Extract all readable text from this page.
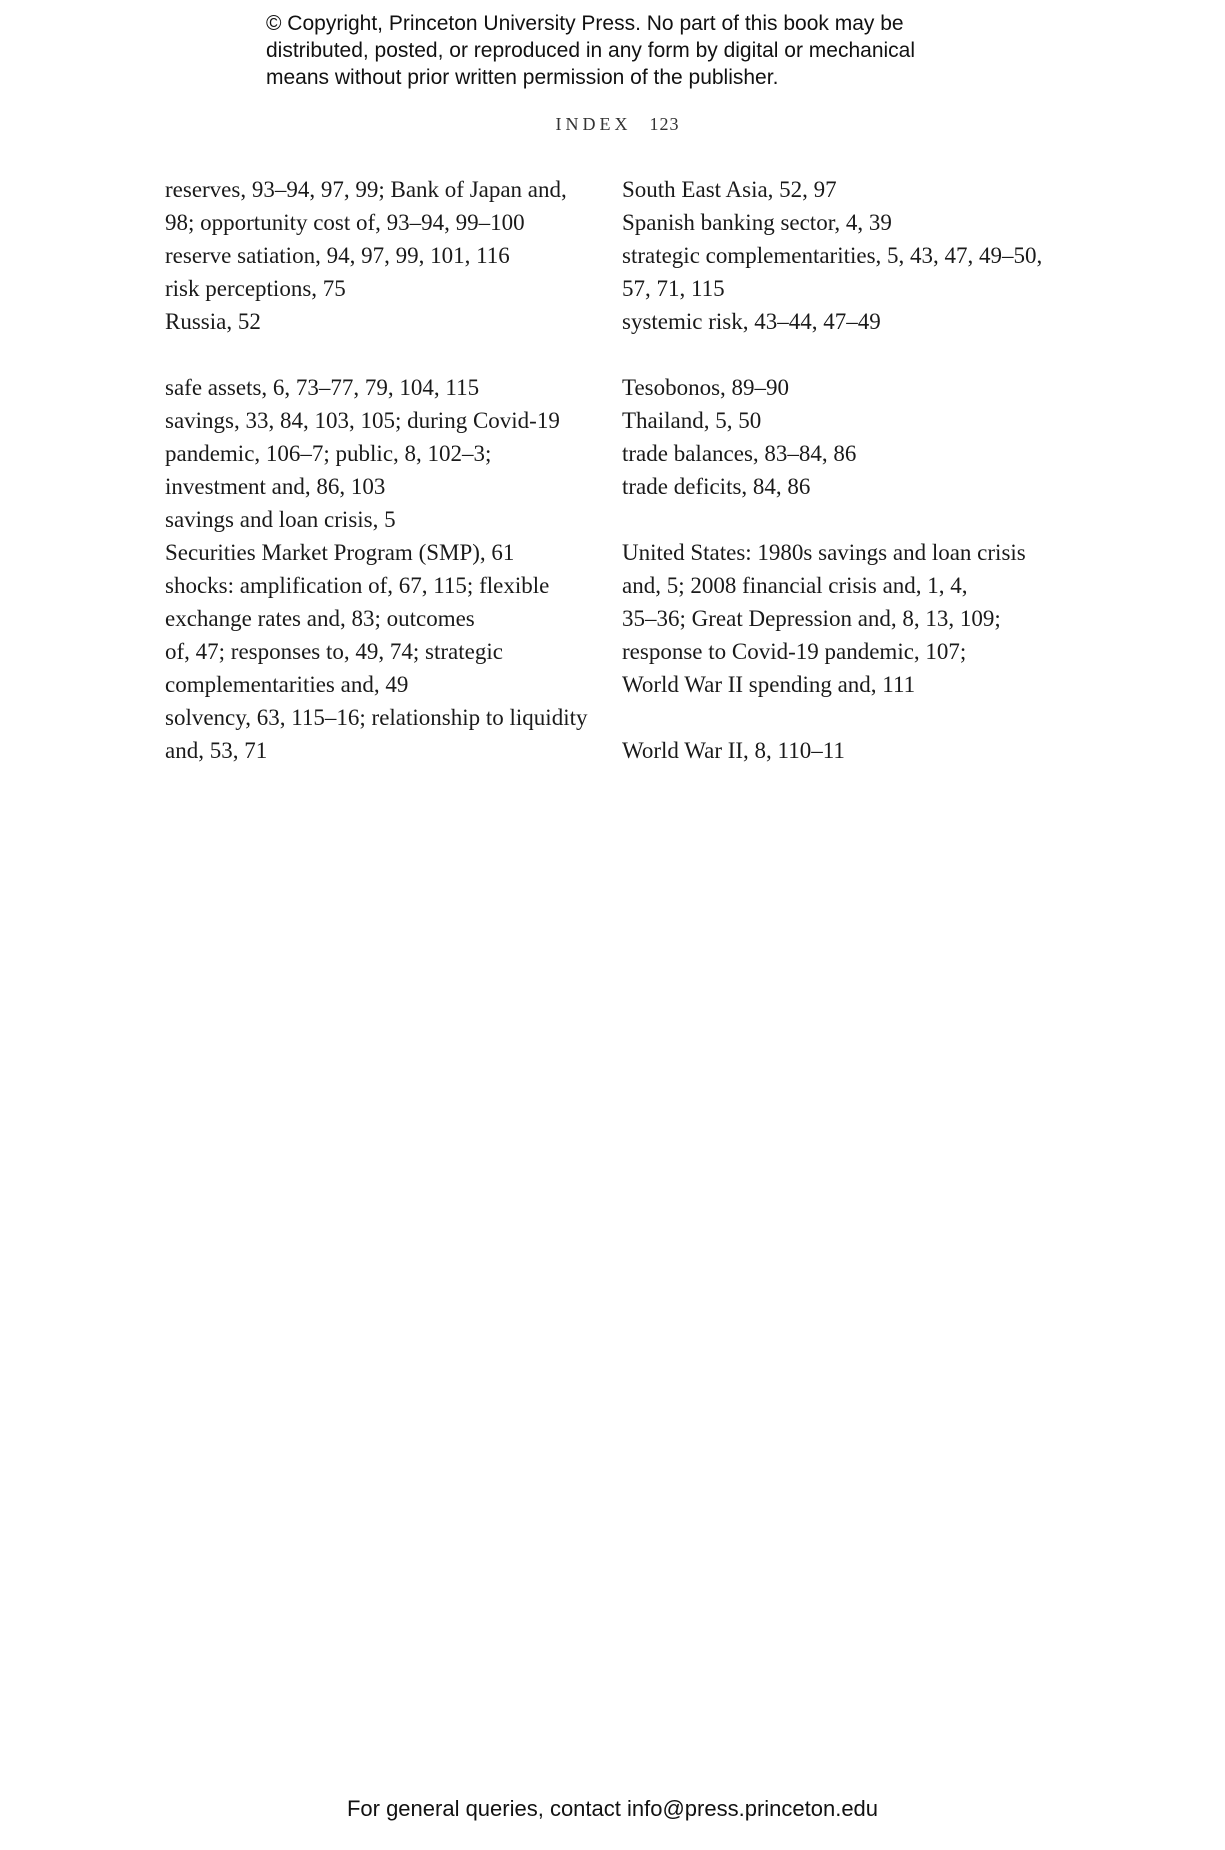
© Copyright, Princeton University Press. No part of this book may be
distributed, posted, or reproduced in any form by digital or mechanical
means without prior written permission of the publisher.
INDEX 123
reserves, 93–94, 97, 99; Bank of Japan and,
98; opportunity cost of, 93–94, 99–100
reserve satiation, 94, 97, 99, 101, 116
risk perceptions, 75
Russia, 52
safe assets, 6, 73–77, 79, 104, 115
savings, 33, 84, 103, 105; during Covid-19
pandemic, 106–7; public, 8, 102–3;
investment and, 86, 103
savings and loan crisis, 5
Securities Market Program (SMP), 61
shocks: amplification of, 67, 115; flexible
exchange rates and, 83; outcomes
of, 47; responses to, 49, 74; strategic
complementarities and, 49
solvency, 63, 115–16; relationship to liquidity
and, 53, 71
South East Asia, 52, 97
Spanish banking sector, 4, 39
strategic complementarities, 5, 43, 47, 49–50,
57, 71, 115
systemic risk, 43–44, 47–49
Tesobonos, 89–90
Thailand, 5, 50
trade balances, 83–84, 86
trade deficits, 84, 86
United States: 1980s savings and loan crisis
and, 5; 2008 financial crisis and, 1, 4,
35–36; Great Depression and, 8, 13, 109;
response to Covid-19 pandemic, 107;
World War II spending and, 111
World War II, 8, 110–11
For general queries, contact info@press.princeton.edu
